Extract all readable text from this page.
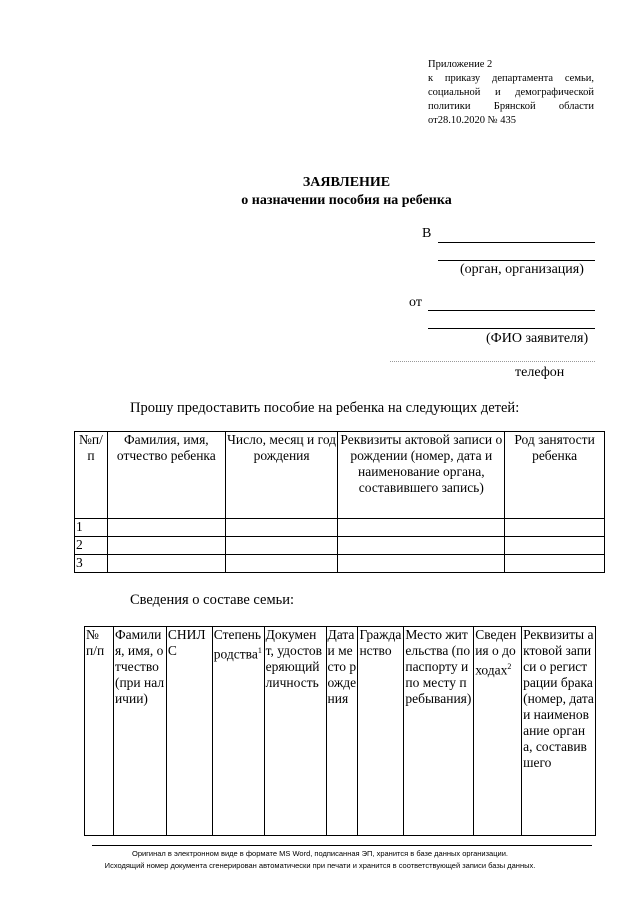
Приложение 2
к приказу департамента семьи,
социальной и демографической
политики Брянской области
от28.10.2020 № 435
ЗАЯВЛЕНИЕ
о назначении пособия на ребенка
В
(орган, организация)
от
(ФИО заявителя)
телефон
Прошу предоставить пособие на ребенка на следующих детей:
№п/п	Фамилия, имя, отчество ребенка	Число, месяц и год рождения	Реквизиты актовой записи о рождении (номер, дата и наименование органа, составившего запись)	Род занятости ребенка
1				
2				
3				
Сведения о составе семьи:
№ п/п	Фамилия, имя, отчество (при наличии)	СНИЛС	Степень родства$^1$	Документ, удостоверяющий личность	Дата и место рождения	Гражданство	Место жительства (по паспорту и по месту пребывания)	Сведения о доходах$^2$	Реквизиты актовой записи о регистрации брака (номер, дата и наименование органа, составившего
Оригинал в электронном виде в формате MS Word, подписанная ЭП, хранится в базе данных организации.
Исходящий номер документа сгенерирован автоматически при печати и хранится в соответствующей записи базы данных.
